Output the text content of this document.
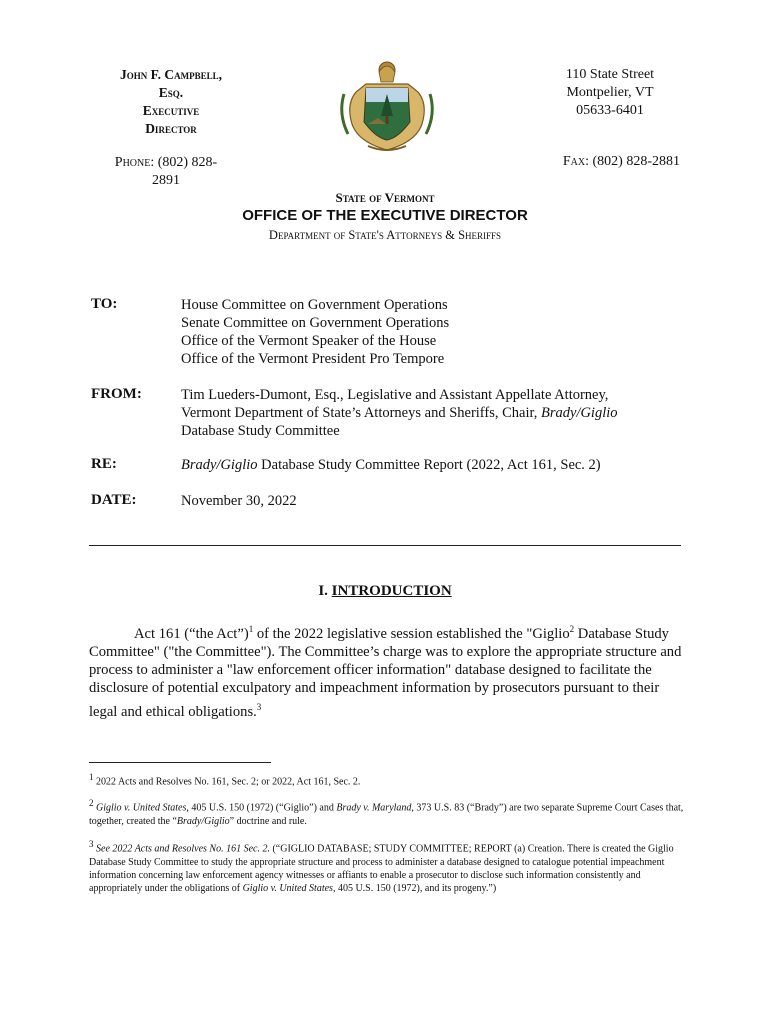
John F. Campbell,
Esq.
Executive
Director
Phone: (802) 828-
2891
110 State Street
Montpelier, VT
05633-6401
Fax: (802) 828-2881
State of Vermont
OFFICE OF THE EXECUTIVE DIRECTOR
Department of State's Attorneys & Sheriffs
TO:	House Committee on Government Operations
Senate Committee on Government Operations
Office of the Vermont Speaker of the House
Office of the Vermont President Pro Tempore
FROM:	Tim Lueders-Dumont, Esq., Legislative and Assistant Appellate Attorney,
Vermont Department of State’s Attorneys and Sheriffs, Chair, Brady/Giglio
Database Study Committee
RE:	Brady/Giglio Database Study Committee Report (2022, Act 161, Sec. 2)
DATE:	November 30, 2022
I. INTRODUCTION
Act 161 (“the Act”)$^1$ of the 2022 legislative session established the "Giglio$^2$ Database Study Committee" ("the Committee"). The Committee’s charge was to explore the appropriate structure and process to administer a "law enforcement officer information" database designed to facilitate the disclosure of potential exculpatory and impeachment information by prosecutors pursuant to their legal and ethical obligations.$^3$
$^1$ 2022 Acts and Resolves No. 161, Sec. 2; or 2022, Act 161, Sec. 2.
$^2$ Giglio v. United States, 405 U.S. 150 (1972) (“Giglio”) and Brady v. Maryland, 373 U.S. 83 (“Brady”) are two separate Supreme Court Cases that, together, created the “Brady/Giglio” doctrine and rule.
$^3$ See 2022 Acts and Resolves No. 161 Sec. 2. (“GIGLIO DATABASE; STUDY COMMITTEE; REPORT (a) Creation. There is created the Giglio Database Study Committee to study the appropriate structure and process to administer a database designed to catalogue potential impeachment information concerning law enforcement agency witnesses or affiants to enable a prosecutor to disclose such information consistently and appropriately under the obligations of Giglio v. United States, 405 U.S. 150 (1972), and its progeny.”)
